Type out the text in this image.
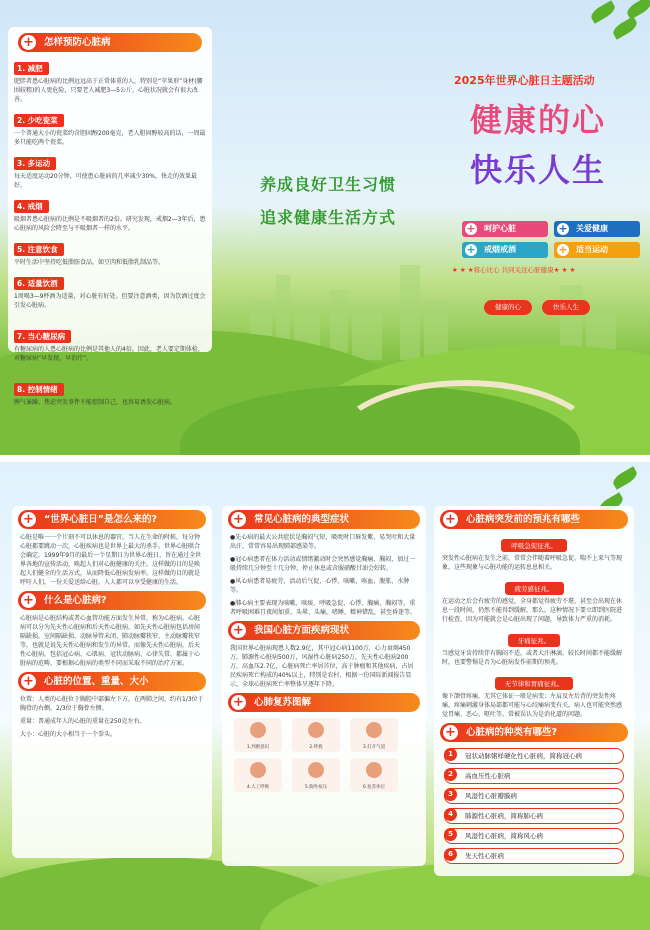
+ 怎样预防心脏病
1. 减肥
肥胖者患心脏病的比例远远高于正常体重的人，特别是“苹果形”身材(腰围较粗)的人更危险，只要老人减肥3—5公斤，心脏状况就会有很大改善。
2. 少吃瓷菜
一个普通大小的瓷菜约含胆固醇200毫克，老人胆固醇较高的话，一周最多只能吃两个瓷菜。
3. 多运动
每天适度运动20分钟，可使患心脏病的几率减少30%，快走的效果最好。
4. 戒烟
吸烟者患心脏病的比例是不吸烟者的2倍。研究发现，戒烟2—3年后，患心脏病的风险会降至与不吸烟者一样的水平。
5. 注意饮食
平时生活中坚持吃低脂肪食品，如豆肉和低脂乳制品等。
6. 适量饮酒
1周喝3—9杯酒为适量，对心脏有好处。但要注意酒类，因为饮酒过度会引发心脏病。
7. 当心糖尿病
有糖尿病的人患心脏病的比例是其他人的4倍。因此，老人要定期体检，对糖尿病“早发现，早治疗”。
8. 控制情绪
脾气暴躁、焦虑突发事件不能控制自己，也容易诱发心脏病。
养成良好卫生习惯
追求健康生活方式
2025年世界心脏日主题活动
健康的心
快乐人生
+ 呵护心脏	+ 关爱健康
+ 戒烟戒酒	+ 适当运动
★ ★ ★将心比心 共同关注心脏健康★ ★ ★
健康的心	快乐人生
+ “世界心脏日”是怎么来的?
心脏是唯一一个片刻不可以休息的器官，当人在生命的时候，每分钟心脏都要跳动一次，心脏疾病也是世界上最大的杀手。世界心脏联合会确定，1999年9月的最后一个星期日为世界心脏日，旨在通过全世界各地的宣传活动，唤起人们对心脏健康的关注。这样做的目的是唤起人们健全的生活方式，从而降低心脏病发病率。这样做的目的就是呼吁人们，一份关爱送给心脏，人人都可以享受健康的生活。
+ 什么是心脏病?
心脏病是心脏结构或者心血管功能方面发生异常，称为心脏病。心脏病可以分为先天性心脏病和后天性心脏病，如先天性心脏病包括房间隔缺损、室间隔缺损、动脉导管未闭、肺动脉瓣狭窄、主动脉瓣狭窄等，也就是说先天性心脏病和发生的异常。而像先天性心脏病，后天性心脏病，包括冠心病、心肌病、冠状动脉病、心律失常，都属于心脏病的范畴，要根据心脏病的类型不同而采取不同的治疗方案。
+ 心脏的位置、重量、大小
位置：人类的心脏位于胸腔中部偏左下方，在两肺之间，约有1/3位于胸骨的右侧，2/3位于胸骨左侧。
重量：普通成年人的心脏的重量在250克左右。
大小：心脏的大小相当于一个拳头。
+ 常见心脏病的典型症状
●先心病的最大公共症状是胸闷气短，吸吮时口唇发紫，易哭吐和大量出汗，常常容易出现肺部感染等。
●冠心病患者在体力活动或情绪激动时会突然感觉胸痛、胸闷，加过一般持续几分钟至十几分钟，停止休息或含服硝酸甘油会好转。
●风心病患者易疲劳、活动后气促，心悸、咳嗽、咯血、腹胀、水肿等。
●肺心病主要表现为咳嗽、咳痰、呼吸急促、心悸、胸痛、胸闷等，重者呼吸困难且夜间加重、头晕、头痛，嗜睡、精神错乱，甚至昏迷等。
+ 我国心脏方面疾病现状
我国世界心脏病现患人数2.9亿，其中冠心病1100万，心力衰竭450万，肺源性心脏病500万，风湿性心脏病250万，先天性心脏病200万，高血压2.7亿，心脏病死亡率居首位，高于肿瘤和其他疾病，占居民疾病死亡构成的40%以上，特别是农村，根据一份国际新闻报告显示，全球心脏病死亡率整体呈逐年下降。
+ 心肺复苏图解
1.判断意识	2.呼救	3.打开气道
4.人工呼吸	5.胸外按压	6.复苏体位
+ 心脏病突发前的预兆有哪些
呼吸急促征兆。
突发性心脏病在发生之前，常常会伴随着呼吸急促，喘不上来气等现象，这些现象与心脏功能的运转息息相关。
疲劳感征兆。
在运动之后会有疲劳的感觉，全身都觉得疲劳不堪，甚至会出现在休息一段时间，仍然不能得到缓解，那么，这种情况下要立即到医院进行检查，因为可能就会是心脏出现了问题，导致体力严重的消耗。
牙痛征兆。
当感觉牙齿持续伴有胸闷不适，或者大汗淋漓，较长时间都不能缓解时，也要警惕是否为心脏病发作前期的预兆。
无节律和胃痛征兆。
像下颌骨疼痛，无其它体征一般是病变；左肩及左后背的突发性疼痛，疼痛刺激身体局部都可能与心绞痛病变有关，病人也可能突然感觉胃痛、恶心、呕吐等，常被误认为是消化道的问题。
+ 心脏病的种类有哪些?
1	冠状动脉粥样硬化性心脏病，简称冠心病
2	高血压性心脏病
3	风湿性心脏瓣膜病
4	肺源性心脏病，简称肺心病
5	风湿性心脏病，简称风心病
6	先天性心脏病
